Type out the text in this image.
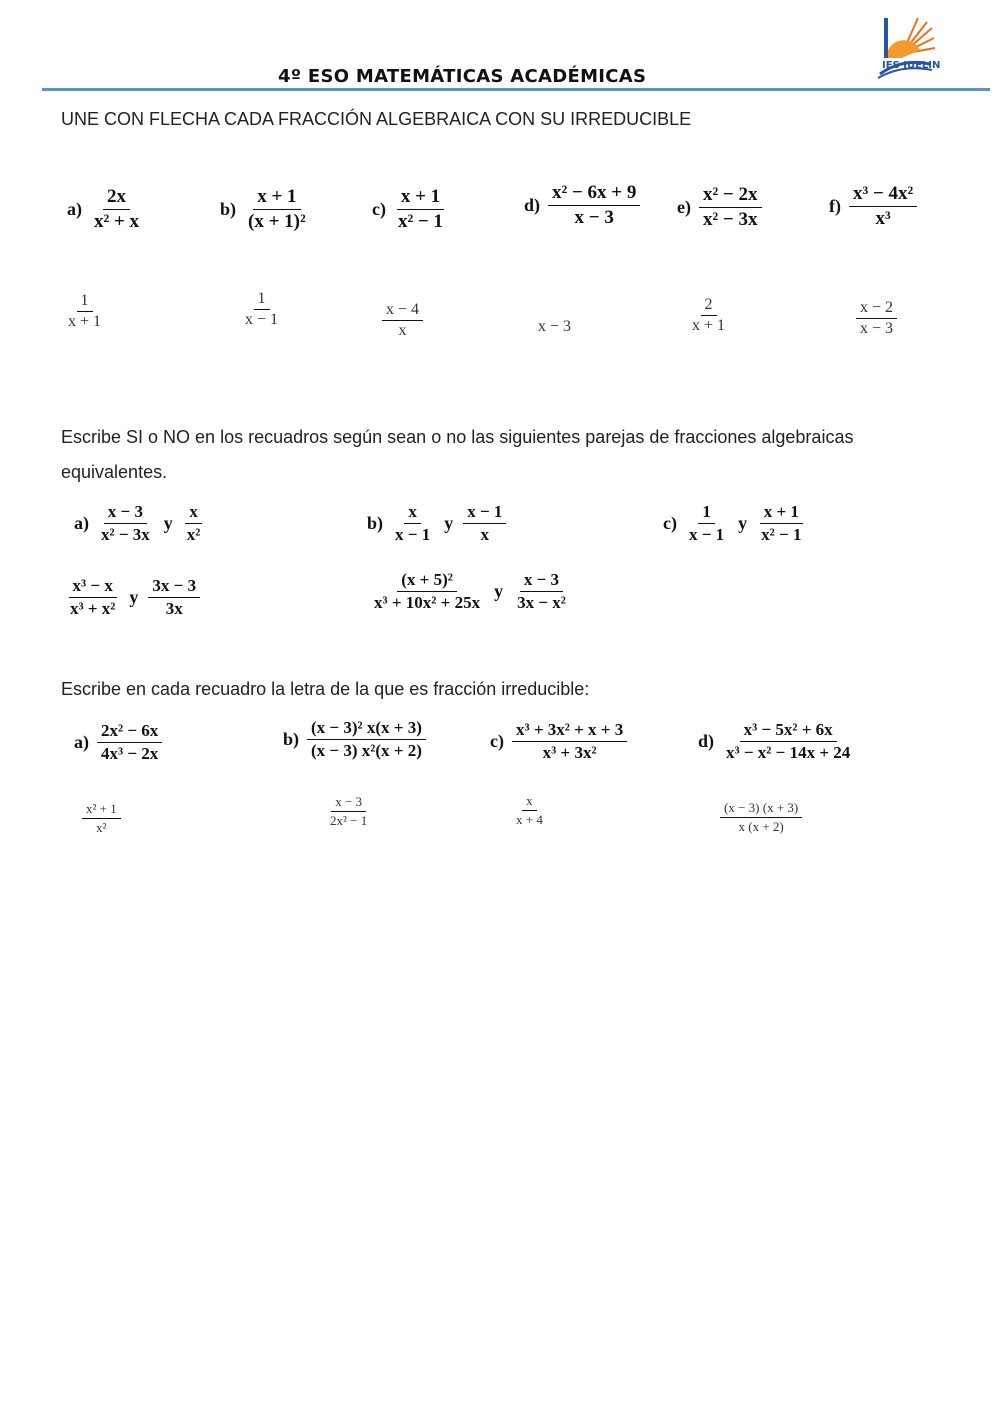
IES JUELIN
4º ESO MATEMÁTICAS ACADÉMICAS
UNE CON FLECHA CADA FRACCIÓN ALGEBRAICA CON SU IRREDUCIBLE
$a) \frac{2x}{\text{x² + x}}$	$b) \frac{x + 1}{\text{(x + 1)²}}$	$c) \frac{x + 1}{\text{x² − 1}}$	$d) \frac{\text{x² − 6x + 9}}{x - 3} e) \frac{\text{x² − 2x}}{\text{x² − 3x}}$	$f) \frac{\text{x³ − 4x²}}{\text{x³}}$
$\frac{1}{x + 1}$	$\frac{1}{x - 1}$	$\frac{x - 4}{x}$	x − 3	$\frac{2}{x + 1}$	$\frac{x - 2}{x - 3}$
Escribe SI o NO en los recuadros según sean o no las siguientes parejas de fracciones algebraicas equivalentes.
$a) \frac{x - 3}{\text{x² − 3x}}$ y $\frac{x}{\text{x²}}$	$b) \frac{x}{x - 1}$ y $\frac{x - 1}{x}$	$c) \frac{1}{x - 1}$ y $\frac{x + 1}{\text{x² − 1}}$
$\frac{\text{x³ − x}}{\text{x³ + x²}}$ y $\frac{3x - 3}{3x}$	$\frac{\text{(x + 5)²}}{\text{x³ + 10x² + 25x}}$ y $\frac{x - 3}{\text{3x − x²}}$
Escribe en cada recuadro la letra de la que es fracción irreducible:
$a) \frac{\text{2x² − 6x}}{\text{4x³ − 2x}}$	$b) \frac{\text{(x − 3)² x(x + 3)}}{\text{(x − 3) x²(x + 2)}}$	$c) \frac{\text{x³ + 3x² + x + 3}}{\text{x³ + 3x²}}$	$d) \frac{\text{x³ − 5x² + 6x}}{\text{x³ − x² − 14x + 24}}$
$\frac{\text{x² + 1}}{\text{x²}}$	$\frac{x - 3}{\text{2x² − 1}}$	$\frac{x}{x + 4}$	$\frac{(x - 3) (x + 3)}{x (x + 2)}$
